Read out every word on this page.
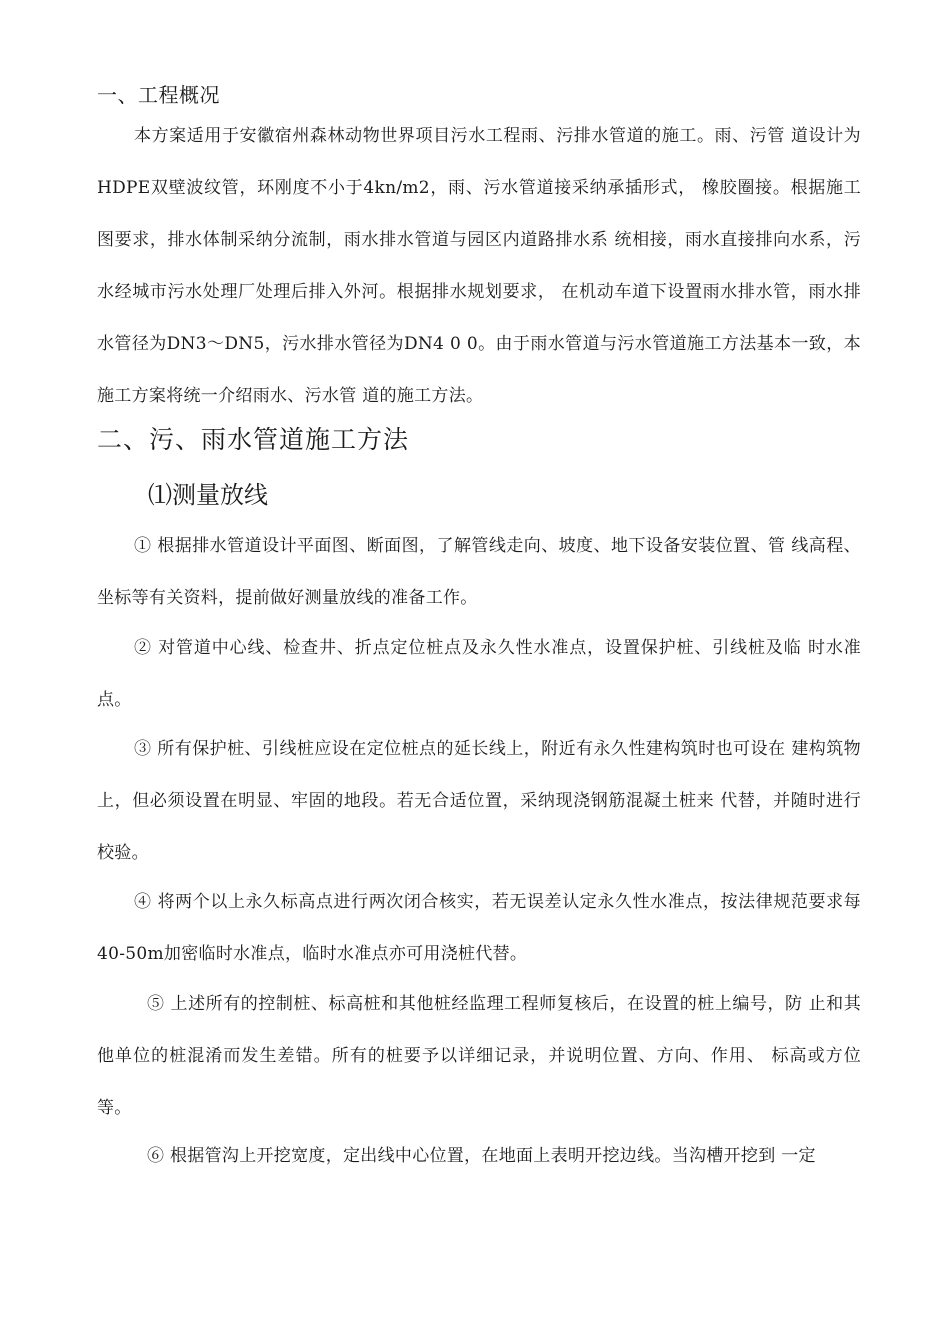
一、工程概况

本方案适用于安徽宿州森林动物世界项目污水工程雨、污排水管道的施工。雨、污管 道设计为HDPE双壁波纹管，环刚度不小于4kn/m2，雨、污水管道接采纳承插形式， 橡胶圈接。根据施工图要求，排水体制采纳分流制，雨水排水管道与园区内道路排水系 统相接，雨水直接排向水系，污水经城市污水处理厂处理后排入外河。根据排水规划要求， 在机动车道下设置雨水排水管，雨水排水管径为DN3〜DN5，污水排水管径为DN4 0 0。由于雨水管道与污水管道施工方法基本一致，本施工方案将统一介绍雨水、污水管 道的施工方法。

二、污、雨水管道施工方法
⑴测量放线

① 根据排水管道设计平面图、断面图，了解管线走向、坡度、地下设备安装位置、管 线高程、坐标等有关资料，提前做好测量放线的准备工作。

② 对管道中心线、检查井、折点定位桩点及永久性水准点，设置保护桩、引线桩及临 时水准点。

③ 所有保护桩、引线桩应设在定位桩点的延长线上，附近有永久性建构筑时也可设在 建构筑物上，但必须设置在明显、牢固的地段。若无合适位置，采纳现浇钢筋混凝土桩来 代替，并随时进行校验。

④ 将两个以上永久标高点进行两次闭合核实，若无误差认定永久性水准点，按法律规范要求每40-50m加密临时水准点，临时水准点亦可用浇桩代替。

⑤ 上述所有的控制桩、标高桩和其他桩经监理工程师复核后，在设置的桩上编号，防 止和其他单位的桩混淆而发生差错。所有的桩要予以详细记录，并说明位置、方向、作用、 标高或方位等。

⑥ 根据管沟上开挖宽度，定出线中心位置，在地面上表明开挖边线。当沟槽开挖到 一定
